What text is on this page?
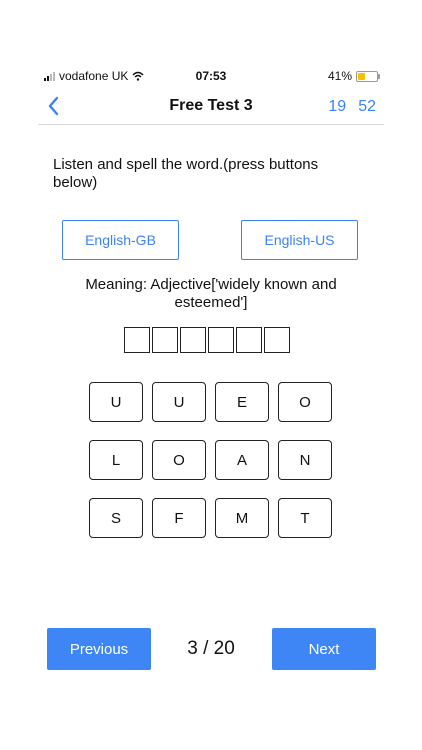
vodafone UK	07:53	41%
Free Test 3	19 52
Listen and spell the word.(press buttons below)
English-GB	English-US
Meaning: Adjective['widely known and esteemed']
U	U	E	O
L	O	A	N
S	F	M	T
Previous	3 / 20	Next
